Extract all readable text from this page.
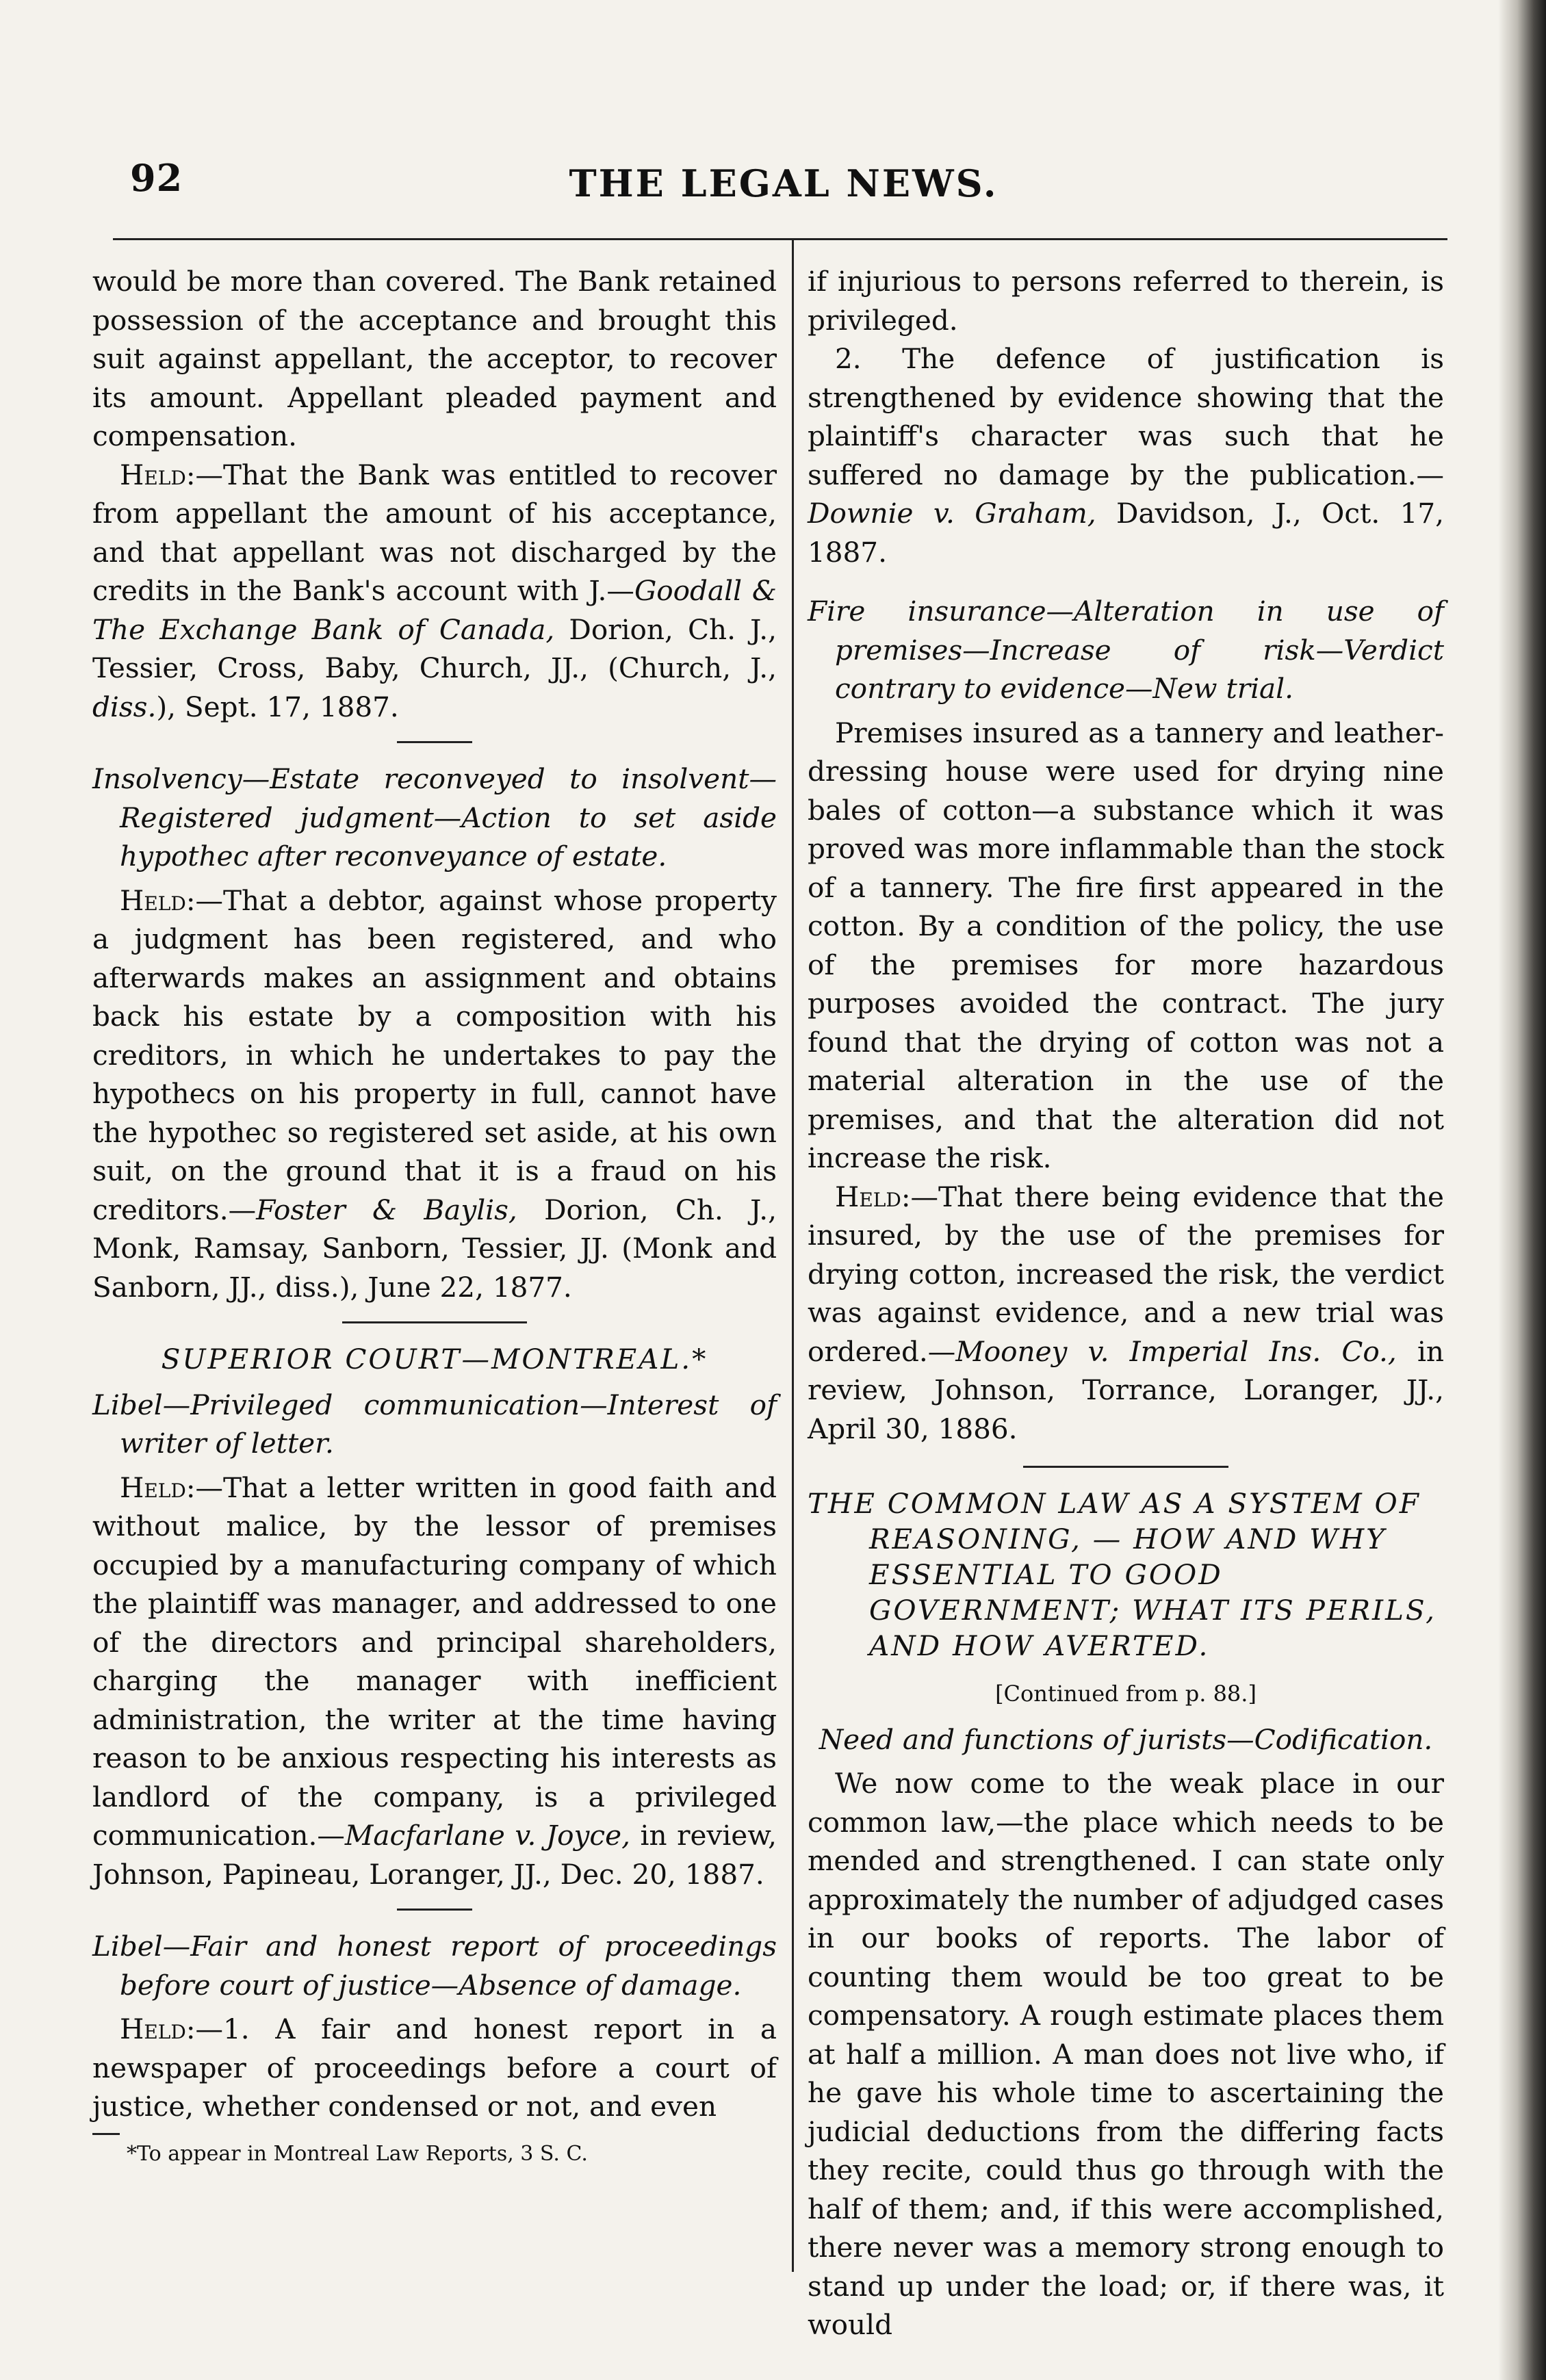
92	THE LEGAL NEWS.

would be more than covered. The Bank retained possession of the acceptance and brought this suit against appellant, the acceptor, to recover its amount. Appellant pleaded payment and compensation.

Held:—That the Bank was entitled to recover from appellant the amount of his acceptance, and that appellant was not discharged by the credits in the Bank's account with J.—Goodall & The Exchange Bank of Canada, Dorion, Ch. J., Tessier, Cross, Baby, Church, JJ., (Church, J., diss.), Sept. 17, 1887.

Insolvency—Estate reconveyed to insolvent—Registered judgment—Action to set aside hypothec after reconveyance of estate.

Held:—That a debtor, against whose property a judgment has been registered, and who afterwards makes an assignment and obtains back his estate by a composition with his creditors, in which he undertakes to pay the hypothecs on his property in full, cannot have the hypothec so registered set aside, at his own suit, on the ground that it is a fraud on his creditors.—Foster & Baylis, Dorion, Ch. J., Monk, Ramsay, Sanborn, Tessier, JJ. (Monk and Sanborn, JJ., diss.), June 22, 1877.

SUPERIOR COURT—MONTREAL.*

Libel—Privileged communication—Interest of writer of letter.

Held:—That a letter written in good faith and without malice, by the lessor of premises occupied by a manufacturing company of which the plaintiff was manager, and addressed to one of the directors and principal shareholders, charging the manager with inefficient administration, the writer at the time having reason to be anxious respecting his interests as landlord of the company, is a privileged communication.—Macfarlane v. Joyce, in review, Johnson, Papineau, Loranger, JJ., Dec. 20, 1887.

Libel—Fair and honest report of proceedings before court of justice—Absence of damage.

Held:—1. A fair and honest report in a newspaper of proceedings before a court of justice, whether condensed or not, and even

*To appear in Montreal Law Reports, 3 S. C.

if injurious to persons referred to therein, is privileged.

2. The defence of justification is strengthened by evidence showing that the plaintiff's character was such that he suffered no damage by the publication.—Downie v. Graham, Davidson, J., Oct. 17, 1887.

Fire insurance—Alteration in use of premises—Increase of risk—Verdict contrary to evidence—New trial.

Premises insured as a tannery and leather-dressing house were used for drying nine bales of cotton—a substance which it was proved was more inflammable than the stock of a tannery. The fire first appeared in the cotton. By a condition of the policy, the use of the premises for more hazardous purposes avoided the contract. The jury found that the drying of cotton was not a material alteration in the use of the premises, and that the alteration did not increase the risk.

Held:—That there being evidence that the insured, by the use of the premises for drying cotton, increased the risk, the verdict was against evidence, and a new trial was ordered.—Mooney v. Imperial Ins. Co., in review, Johnson, Torrance, Loranger, JJ., April 30, 1886.

THE COMMON LAW AS A SYSTEM OF REASONING, — HOW AND WHY ESSENTIAL TO GOOD GOVERNMENT; WHAT ITS PERILS, AND HOW AVERTED.

[Continued from p. 88.]

Need and functions of jurists—Codification.

We now come to the weak place in our common law,—the place which needs to be mended and strengthened. I can state only approximately the number of adjudged cases in our books of reports. The labor of counting them would be too great to be compensatory. A rough estimate places them at half a million. A man does not live who, if he gave his whole time to ascertaining the judicial deductions from the differing facts they recite, could thus go through with the half of them; and, if this were accomplished, there never was a memory strong enough to stand up under the load; or, if there was, it would
